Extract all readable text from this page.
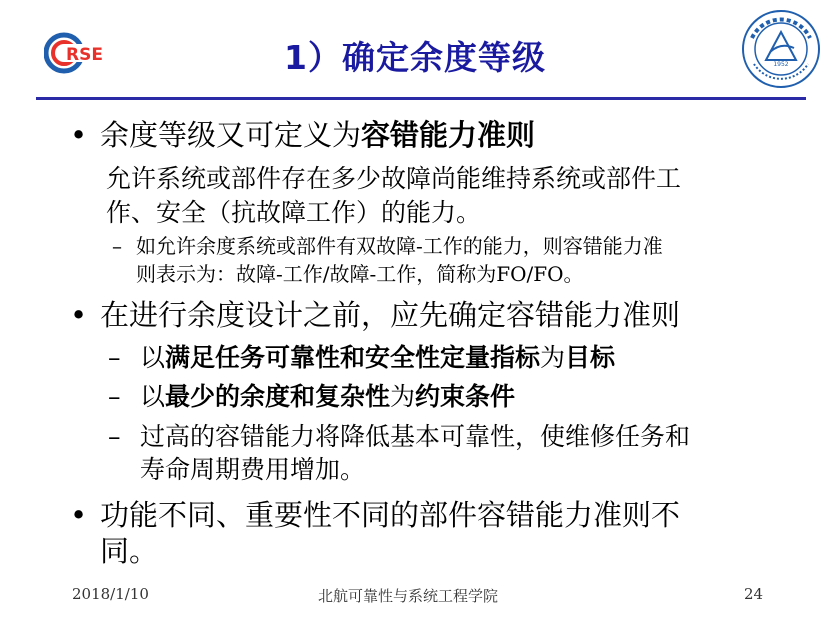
RSE	1）确定余度等级	1952
• 余度等级又可定义为容错能力准则
允许系统或部件存在多少故障尚能维持系统或部件工
作、安全（抗故障工作）的能力。
– 如允许余度系统或部件有双故障-工作的能力，则容错能力准
则表示为：故障-工作/故障-工作，简称为FO/FO。
• 在进行余度设计之前，应先确定容错能力准则
– 以满足任务可靠性和安全性定量指标为目标
– 以最少的余度和复杂性为约束条件
– 过高的容错能力将降低基本可靠性，使维修任务和
寿命周期费用增加。
• 功能不同、重要性不同的部件容错能力准则不
同。
2018/1/10	北航可靠性与系统工程学院	24
